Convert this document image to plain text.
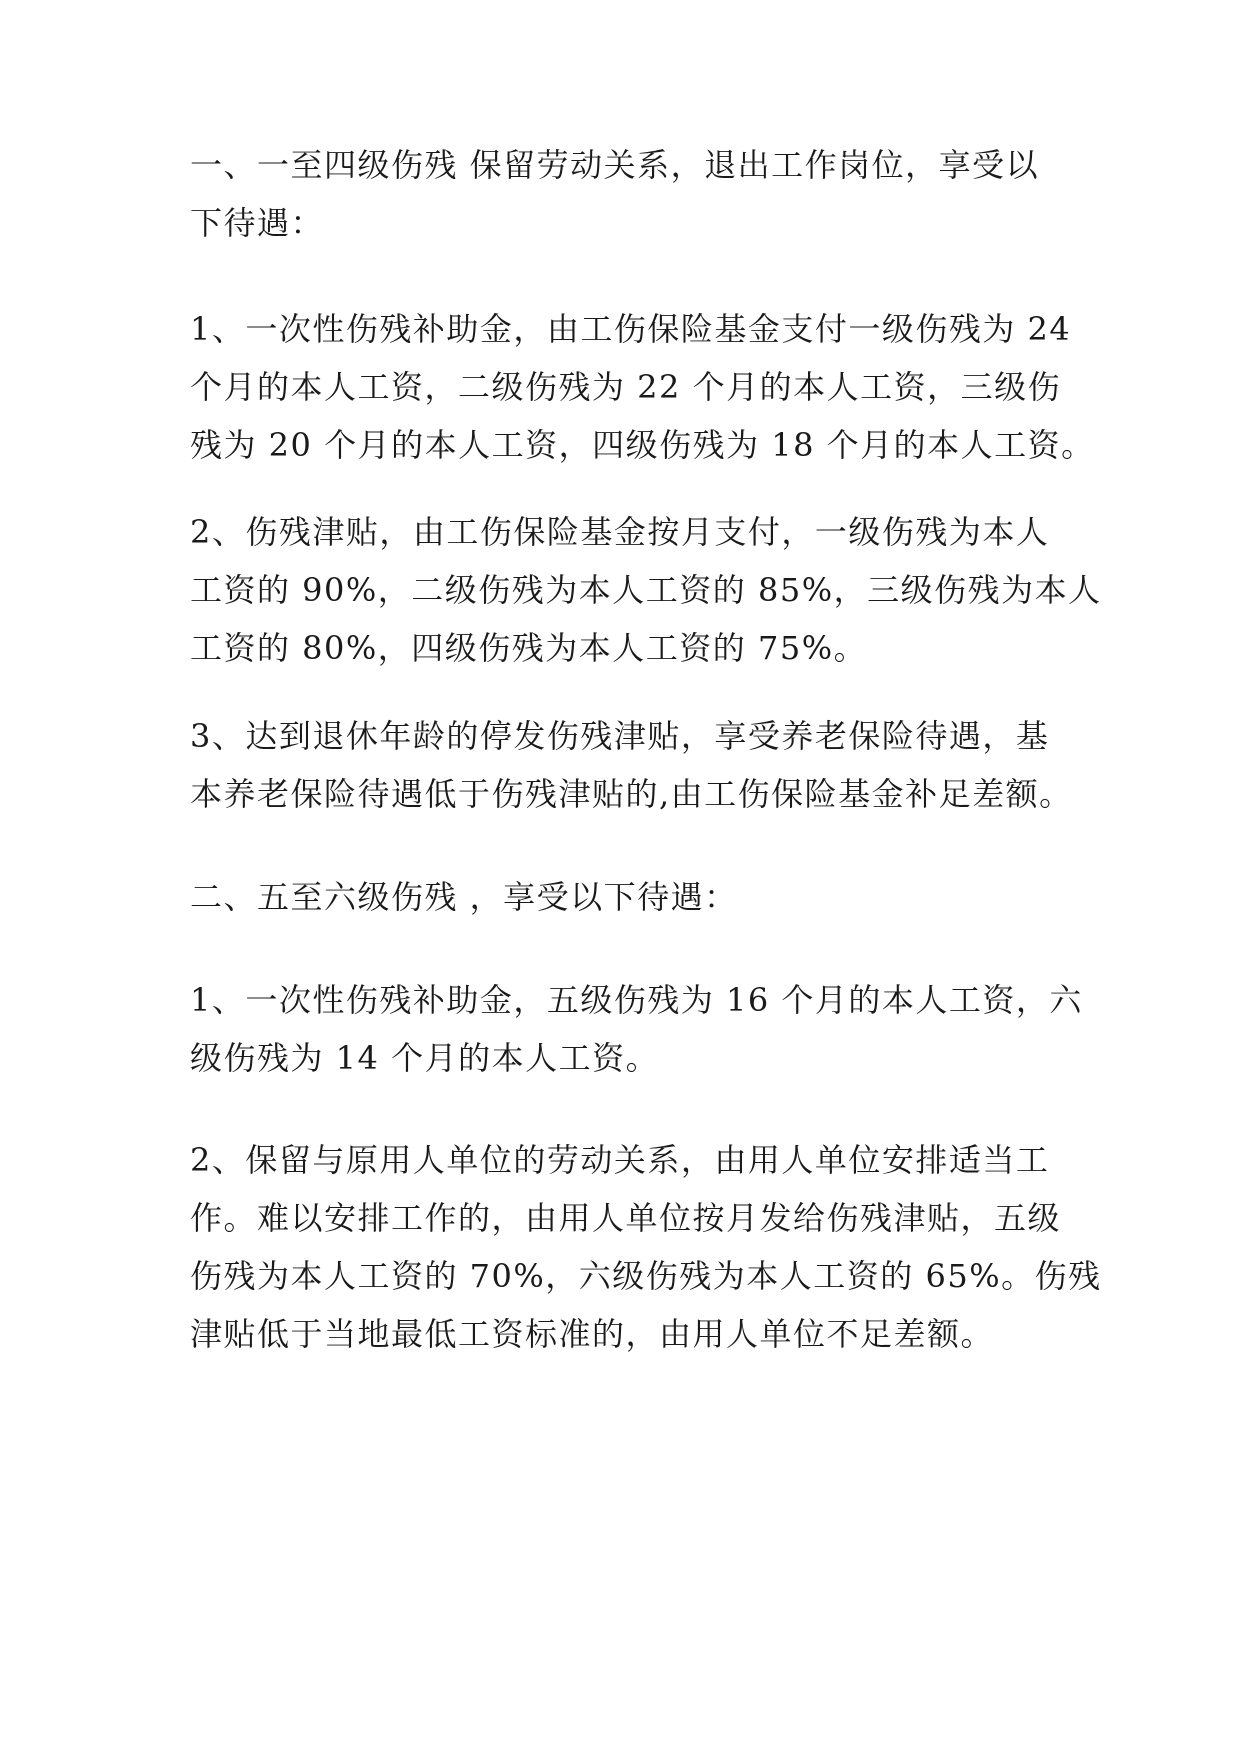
一、一至四级伤残 保留劳动关系，退出工作岗位，享受以
下待遇：
1、一次性伤残补助金，由工伤保险基金支付一级伤残为 24
个月的本人工资，二级伤残为 22 个月的本人工资，三级伤
残为 20 个月的本人工资，四级伤残为 18 个月的本人工资。
2、伤残津贴，由工伤保险基金按月支付，一级伤残为本人
工资的 90%，二级伤残为本人工资的 85%，三级伤残为本人
工资的 80%，四级伤残为本人工资的 75%。
3、达到退休年龄的停发伤残津贴，享受养老保险待遇，基
本养老保险待遇低于伤残津贴的,由工伤保险基金补足差额。
二、五至六级伤残 ，享受以下待遇：
1、一次性伤残补助金，五级伤残为 16 个月的本人工资，六
级伤残为 14 个月的本人工资。
2、保留与原用人单位的劳动关系，由用人单位安排适当工
作。难以安排工作的，由用人单位按月发给伤残津贴，五级
伤残为本人工资的 70%，六级伤残为本人工资的 65%。伤残
津贴低于当地最低工资标准的，由用人单位不足差额。
